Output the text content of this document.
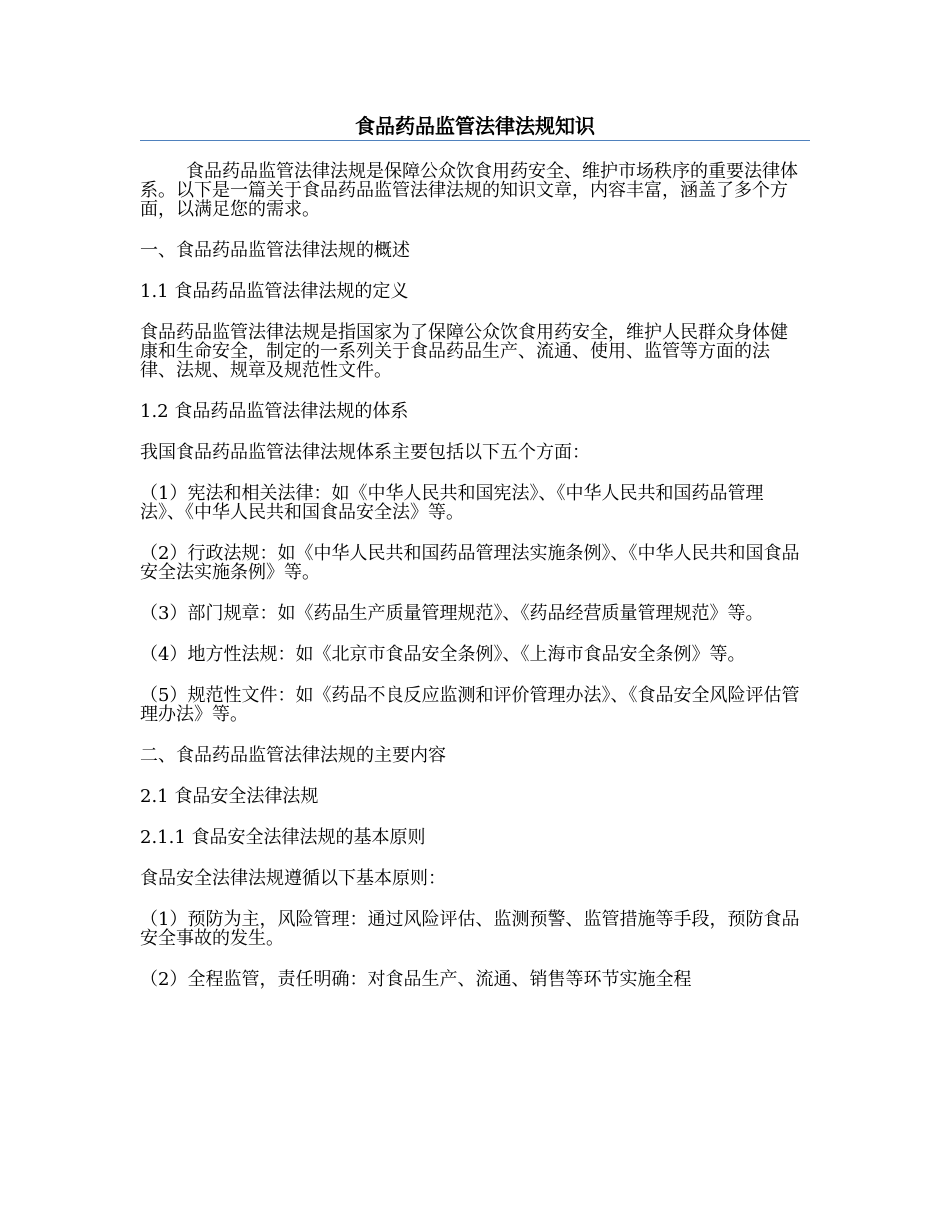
食品药品监管法律法规知识

食品药品监管法律法规是保障公众饮食用药安全、维护市场秩序的重要法律体系。以下是一篇关于食品药品监管法律法规的知识文章，内容丰富，涵盖了多个方面，以满足您的需求。

一、食品药品监管法律法规的概述

1.1 食品药品监管法律法规的定义

食品药品监管法律法规是指国家为了保障公众饮食用药安全，维护人民群众身体健康和生命安全，制定的一系列关于食品药品生产、流通、使用、监管等方面的法律、法规、规章及规范性文件。

1.2 食品药品监管法律法规的体系

我国食品药品监管法律法规体系主要包括以下五个方面：

（1）宪法和相关法律：如《中华人民共和国宪法》、《中华人民共和国药品管理法》、《中华人民共和国食品安全法》等。

（2）行政法规：如《中华人民共和国药品管理法实施条例》、《中华人民共和国食品安全法实施条例》等。

（3）部门规章：如《药品生产质量管理规范》、《药品经营质量管理规范》等。

（4）地方性法规：如《北京市食品安全条例》、《上海市食品安全条例》等。

（5）规范性文件：如《药品不良反应监测和评价管理办法》、《食品安全风险评估管理办法》等。

二、食品药品监管法律法规的主要内容

2.1 食品安全法律法规

2.1.1 食品安全法律法规的基本原则

食品安全法律法规遵循以下基本原则：

（1）预防为主，风险管理：通过风险评估、监测预警、监管措施等手段，预防食品安全事故的发生。

（2）全程监管，责任明确：对食品生产、流通、销售等环节实施全程
